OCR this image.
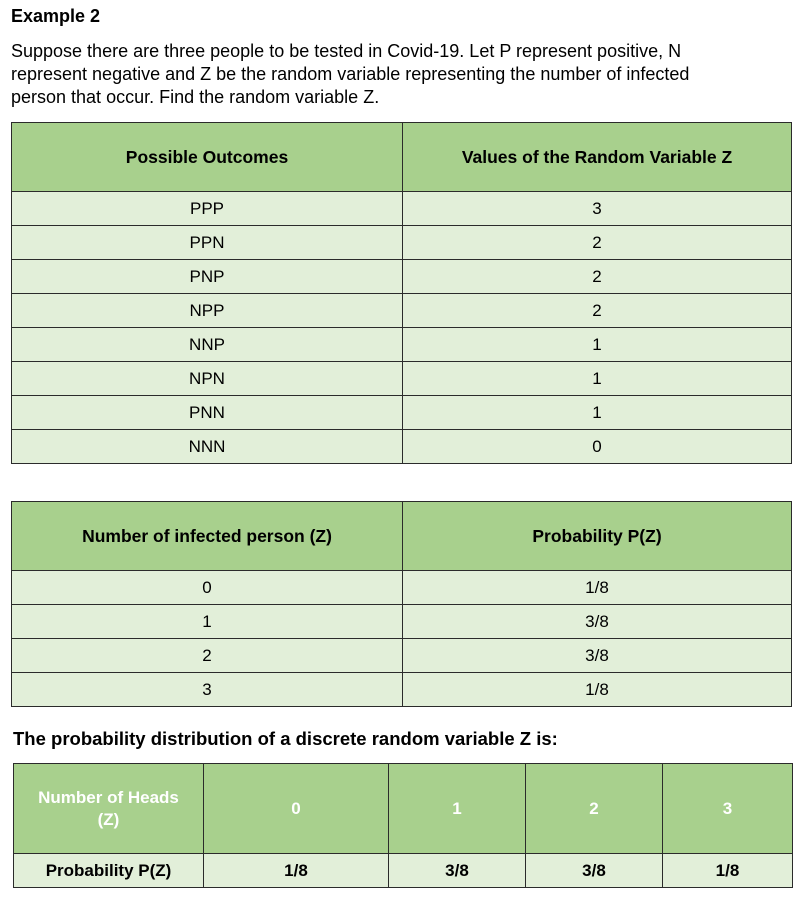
Example 2
Suppose there are three people to be tested in Covid-19. Let P represent positive, N
represent negative and Z be the random variable representing the number of infected
person that occur. Find the random variable Z.
Possible Outcomes	Values of the Random Variable Z
PPP	3
PPN	2
PNP	2
NPP	2
NNP	1
NPN	1
PNN	1
NNN	0
Number of infected person (Z)	Probability P(Z)
0	1/8
1	3/8
2	3/8
3	1/8
The probability distribution of a discrete random variable Z is:
Number of Heads
(Z)	0	1	2	3
Probability P(Z)	1/8	3/8	3/8	1/8
